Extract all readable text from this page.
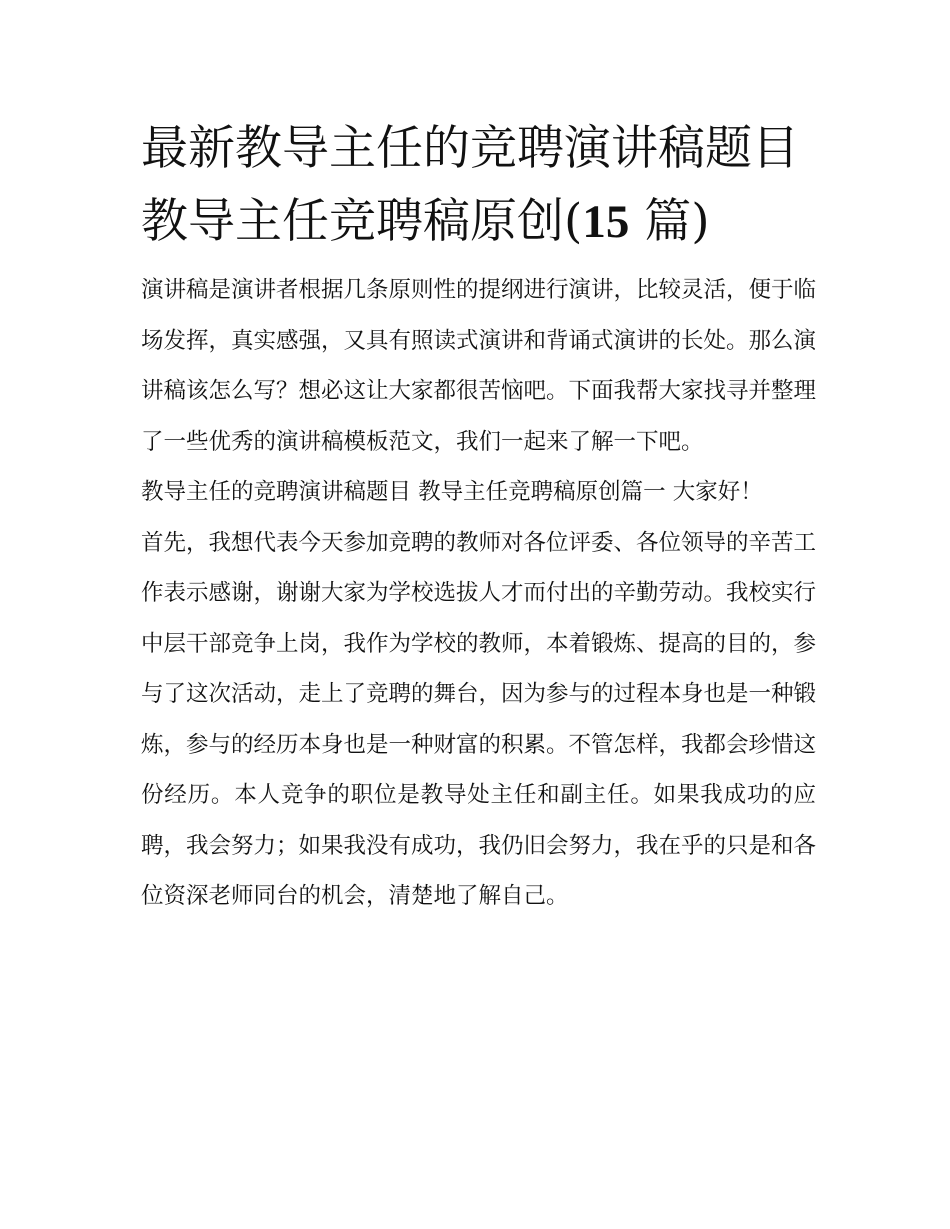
最新教导主任的竞聘演讲稿题目 教导主任竞聘稿原创(15 篇)

演讲稿是演讲者根据几条原则性的提纲进行演讲，比较灵活，便于临场发挥，真实感强，又具有照读式演讲和背诵式演讲的长处。那么演讲稿该怎么写？想必这让大家都很苦恼吧。下面我帮大家找寻并整理了一些优秀的演讲稿模板范文，我们一起来了解一下吧。

教导主任的竞聘演讲稿题目 教导主任竞聘稿原创篇一 大家好！

首先，我想代表今天参加竞聘的教师对各位评委、各位领导的辛苦工作表示感谢，谢谢大家为学校选拔人才而付出的辛勤劳动。我校实行中层干部竞争上岗，我作为学校的教师，本着锻炼、提高的目的，参与了这次活动，走上了竞聘的舞台，因为参与的过程本身也是一种锻炼，参与的经历本身也是一种财富的积累。不管怎样，我都会珍惜这份经历。本人竞争的职位是教导处主任和副主任。如果我成功的应聘，我会努力；如果我没有成功，我仍旧会努力，我在乎的只是和各位资深老师同台的机会，清楚地了解自己。
